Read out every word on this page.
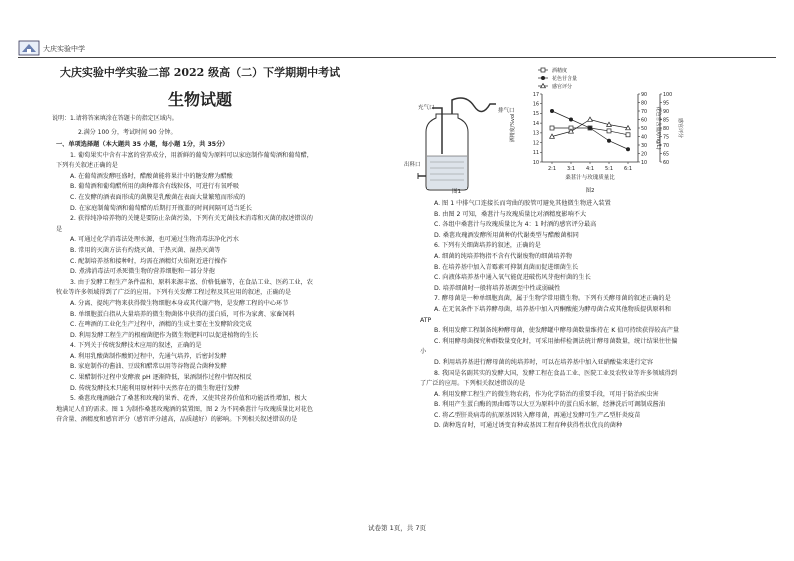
大庆实验中学
大庆实验中学实验二部 2022 级高（二）下学期期中考试
生物试题
说明：1.请将答案填涂在答题卡的指定区域内。
2.满分 100 分，考试时间 90 分钟。

一、单项选择题（本大题共 35 小题，每小题 1分，共 35分）

1. 葡萄果实中含有丰富的营养成分，用新鲜的葡萄为原料可以家庭制作葡萄酒和葡萄醋，

下列有关叙述正确的是

A. 在葡萄酒发酵旺盛时，醋酸菌能将果汁中的糖发酵为醋酸

B. 葡萄酒和葡萄醋所用的菌种都含有线粒体，可进行有氧呼吸

C. 在发酵的酒表面形成的菌膜是乳酸菌在表面大量繁殖而形成的

D. 在家庭制葡萄酒和葡萄醋的后期打开瓶盖的时间间隔可适当延长

2. 获得纯净培养物的关键是要防止杂菌污染，下列有关无菌技术消毒和灭菌的叙述错误的

是

A. 可通过化学消毒法处理水源，也可通过生物消毒法净化污水

B. 常用的灭菌方法有灼烧灭菌、干热灭菌、湿热灭菌等

C. 配制培养基和接种时，均需在酒精灯火焰附近进行操作

D. 煮沸消毒法可杀死微生物的营养细胞和一部分芽孢

3. 由于发酵工程生产条件温和、原料来源丰富、价格低廉等，在食品工业、医药工业，农

牧业等许多领域得到了广泛的应用。下列有关发酵工程过程及其应用的叙述，正确的是

A. 分离、提纯产物来获得微生物细胞本身或其代谢产物，是发酵工程的中心环节

B. 单细胞蛋白指从大量培养的微生物菌体中获得的蛋白质，可作为家禽、家畜饲料

C. 在啤酒的工业化生产过程中，酒精的生成主要在主发酵阶段完成

D. 利用发酵工程生产的根瘤菌肥作为微生物肥料可以促进植物的生长

4. 下列关于传统发酵技术应用的叙述，正确的是

A. 利用乳酸菌制作酸奶过程中，先通气培养，后密封发酵

B. 家庭制作的酱油、豆豉和醋常以用等谷物混合菌种发酵

C. 果醋制作过程中发酵液 pH 逐渐降低，果酒制作过程中情况相反

D. 传统发酵技术只能利用原材料中天然存在的微生物进行发酵

5. 桑葚玫瑰酒融合了桑葚和玫瑰的果香、花香，又使其营养价值和功能活性增加，极大

地满足人们的需求。图 1 为制作桑葚玫瑰酒的装置图，图 2 为不同桑葚汁与玫瑰质量比对花色

苷含量、酒精度和感官评分（感官评分越高，品质越好）的影响。下列相关叙述错误的是

充气口	排气口
出料口
图1
2:1 3:1 4:1 5:1 6:1
桑葚汁与玫瑰质量比
10
11
12
13
14
15
16
17
10
20
30
40
50
60
70
80
90
60
65
70
75
80
85
90
95
100
酒精度/%vol	花色苷含量/(mg/L)	感官评分
酒精度
花色苷含量
感官评分
图2

A. 图 1 中排气口连接长而弯曲的胶管可避免其他微生物进入装置

B. 由图 2 可知，桑葚汁与玫瑰质量比对酒精度影响不大

C. 各组中桑葚汁与玫瑰质量比为 4：1 时酒的感官评分最高

D. 桑葚玫瑰酒发酵所用菌种的代谢类型与醋酸菌相同

6. 下列有关细菌培养的叙述，正确的是

A. 细菌的纯培养物指不含有代谢废物的细菌培养物

B. 在培养基中加入青霉素可抑制真菌而促进细菌生长

C. 向液体培养基中通入氧气能促进破伤风芽孢杆菌的生长

D. 培养细菌时一般将培养基调至中性或弱碱性

7. 酵母菌是一种单细胞真菌，属于生物学常用微生物。下列有关酵母菌的叙述正确的是

A. 在无氧条件下培养酵母菌，培养基中加入丙酮酸能为酵母菌合成其他物质提供原料和

ATP

B. 利用发酵工程制备纯种酵母菌，使发酵罐中酵母菌数量维持在 K 值可持续获得较高产量

C. 利用酵母菌探究种群数量变化时，可采用抽样检测法统计酵母菌数量，统计结果往往偏

小

D. 利用培养基进行酵母菌的纯培养时，可以在培养基中加入亚硝酸盐来进行定容

8. 我国是名副其实的发酵大国，发酵工程在食品工业、医院工业及农牧业等许多领域得到

了广泛的应用。下列相关叙述错误的是

A. 利用发酵工程生产的微生物农药，作为化学防治的重要手段，可用于防治疾虫害

B. 利用产生蛋白酶的黑曲霉等以大豆为原料中的蛋白质水解，经淋洗后可调制成酱油

C. 将乙型肝炎病毒的抗原基因转入酵母菌，再通过发酵可生产乙型肝炎疫苗

D. 菌种选育时，可通过诱变育种或基因工程育种获得性状优良的菌种

试卷第 1页，共 7页
